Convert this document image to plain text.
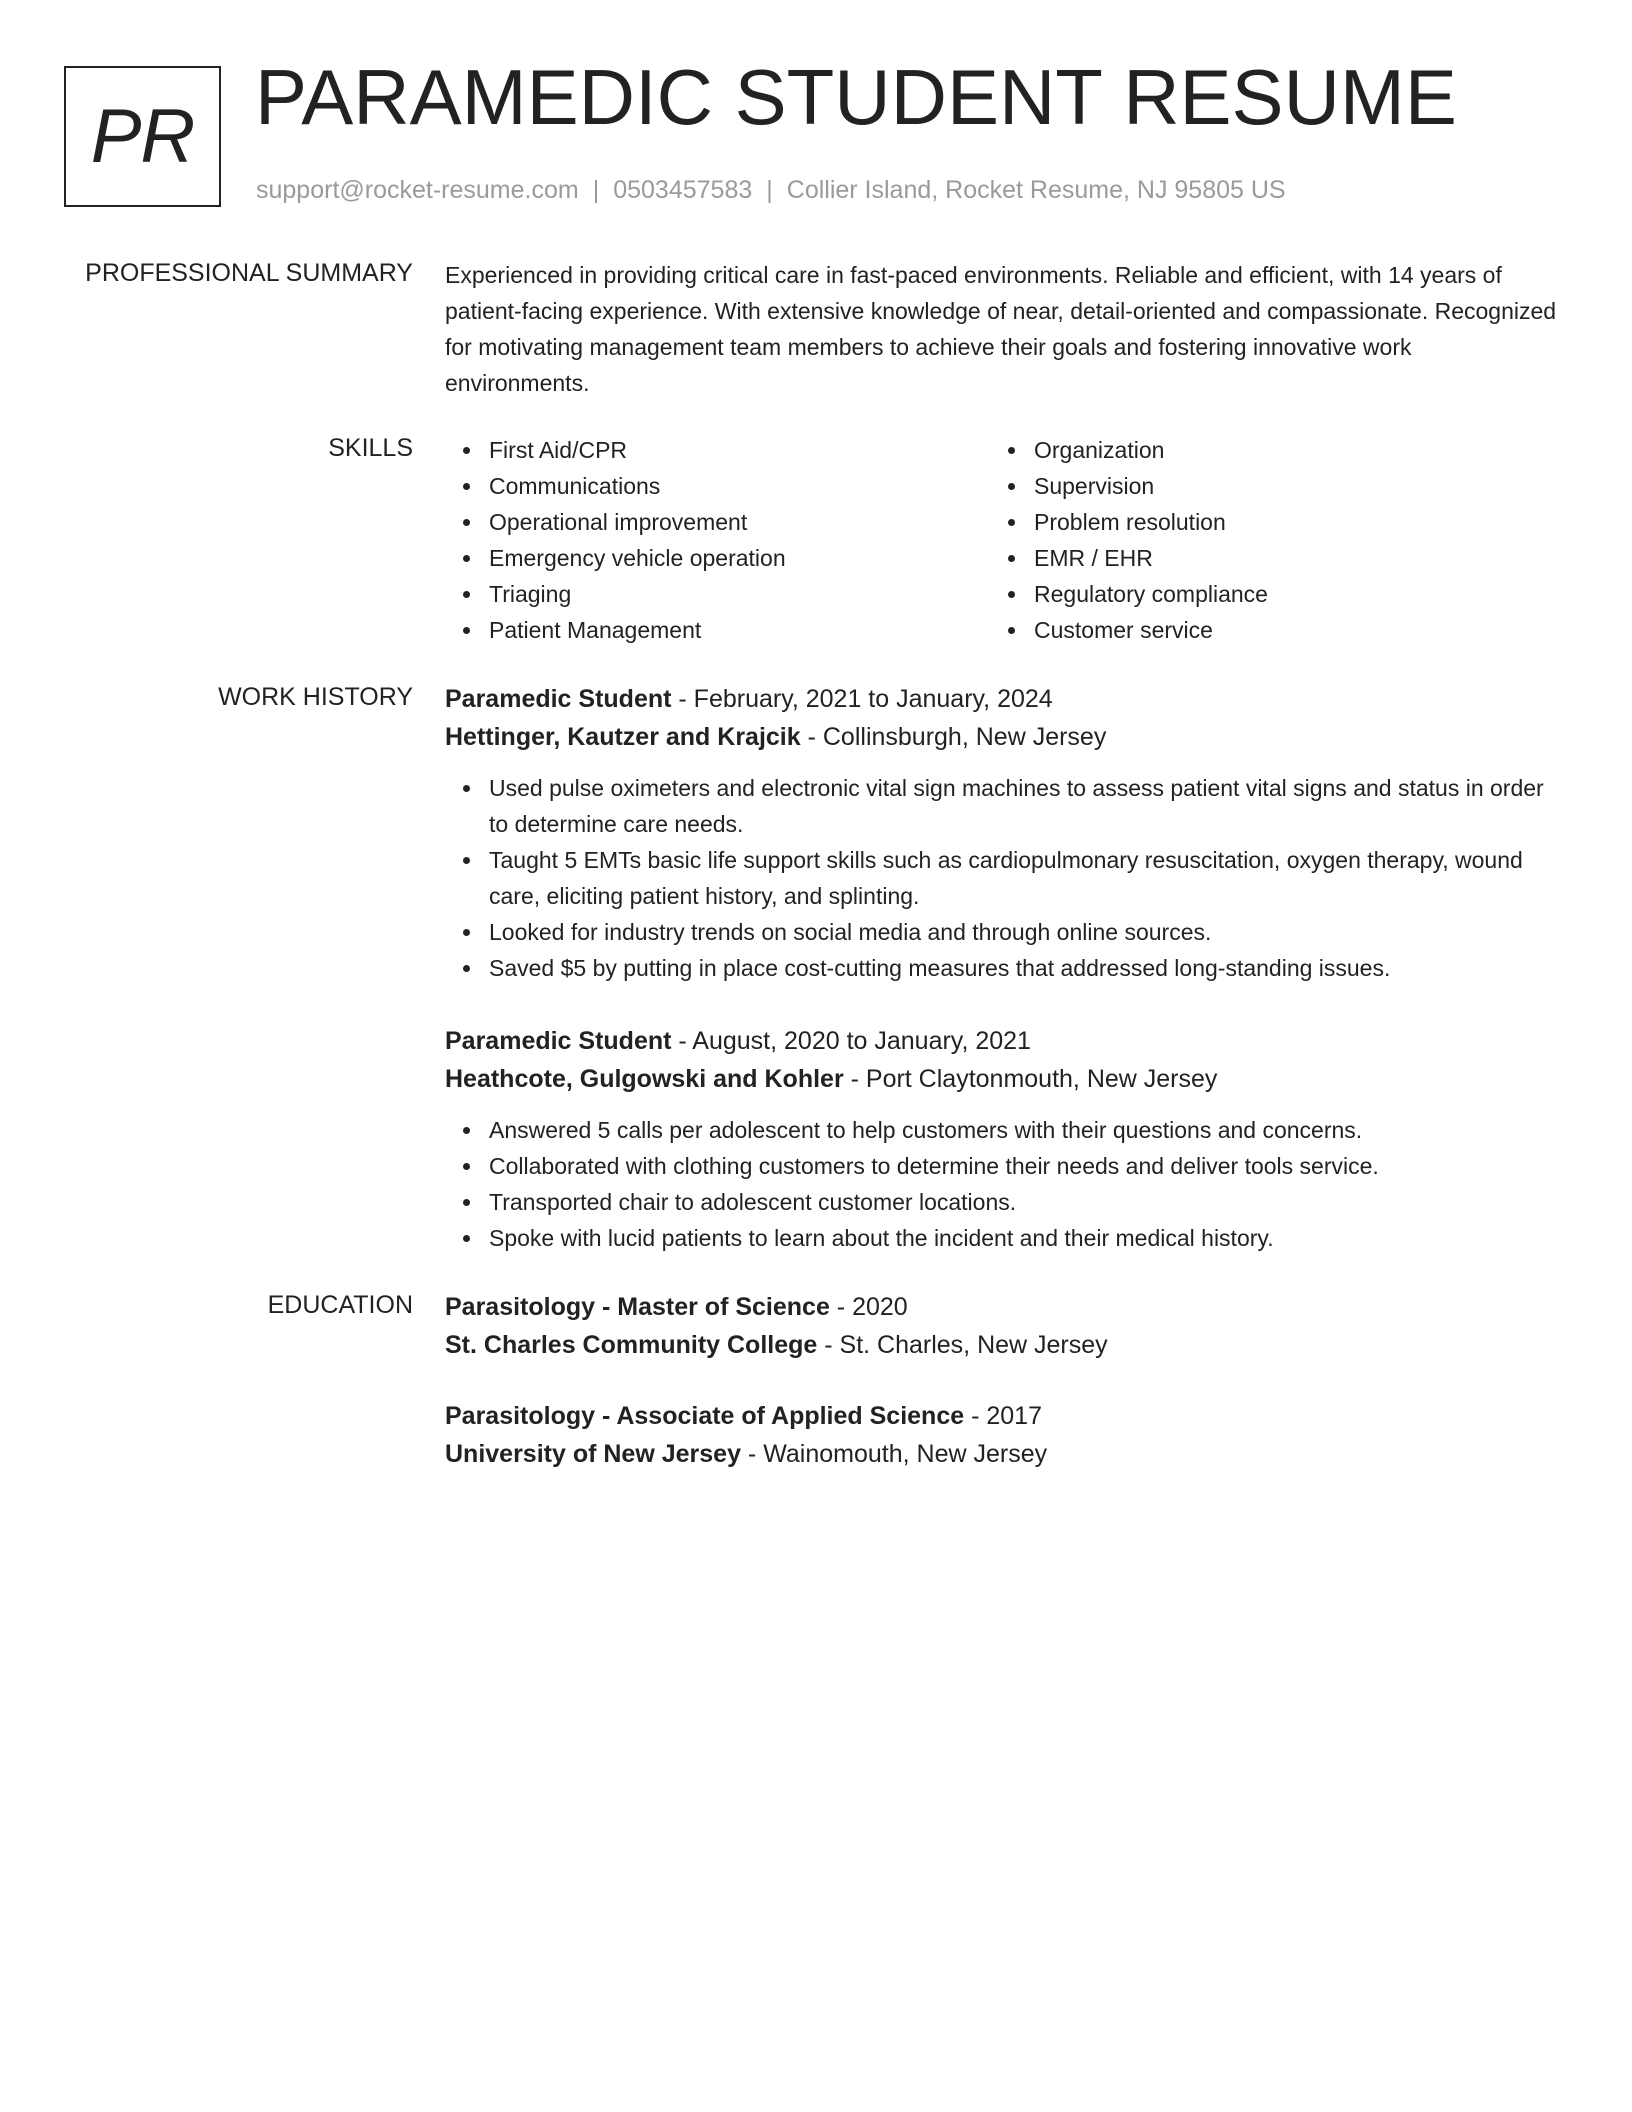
PR PARAMEDIC STUDENT RESUME
support@rocket-resume.com | 0503457583 | Collier Island, Rocket Resume, NJ 95805 US
PROFESSIONAL SUMMARY Experienced in providing critical care in fast-paced environments. Reliable and efficient, with 14 years of patient-facing experience. With extensive knowledge of near, detail-oriented and compassionate. Recognized for motivating management team members to achieve their goals and fostering innovative work environments.

SKILLS	First Aid/CPR
Communications
Operational improvement
Emergency vehicle operation
Triaging
Patient Management
Organization
Supervision
Problem resolution
EMR / EHR
Regulatory compliance
Customer service
WORK HISTORY Paramedic Student - February, 2021 to January, 2024
Hettinger, Kautzer and Krajcik - Collinsburgh, New Jersey
Used pulse oximeters and electronic vital sign machines to assess patient vital signs and status in order to determine care needs.
Taught 5 EMTs basic life support skills such as cardiopulmonary resuscitation, oxygen therapy, wound care, eliciting patient history, and splinting.
Looked for industry trends on social media and through online sources.
Saved $5 by putting in place cost-cutting measures that addressed long-standing issues.
Paramedic Student - August, 2020 to January, 2021
Heathcote, Gulgowski and Kohler - Port Claytonmouth, New Jersey
Answered 5 calls per adolescent to help customers with their questions and concerns.
Collaborated with clothing customers to determine their needs and deliver tools service.
Transported chair to adolescent customer locations.
Spoke with lucid patients to learn about the incident and their medical history.
EDUCATION Parasitology - Master of Science - 2020
St. Charles Community College - St. Charles, New Jersey
Parasitology - Associate of Applied Science - 2017
University of New Jersey - Wainomouth, New Jersey
